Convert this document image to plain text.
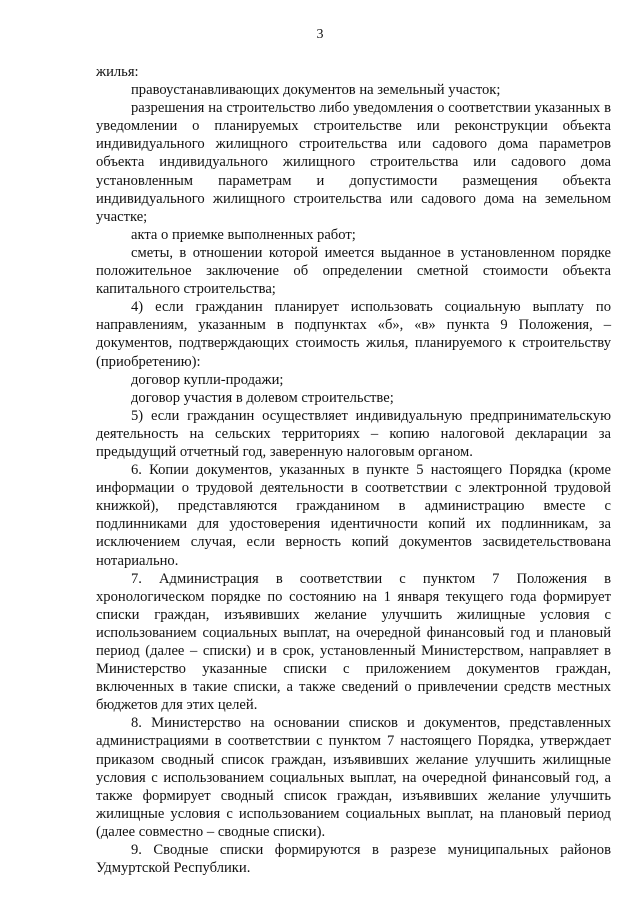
3

жилья:

правоустанавливающих документов на земельный участок;

разрешения на строительство либо уведомления о соответствии указанных в уведомлении о планируемых строительстве или реконструкции объекта индивидуального жилищного строительства или садового дома параметров объекта индивидуального жилищного строительства или садового дома установленным параметрам и допустимости размещения объекта индивидуального жилищного строительства или садового дома на земельном участке;

акта о приемке выполненных работ;

сметы, в отношении которой имеется выданное в установленном порядке положительное заключение об определении сметной стоимости объекта капитального строительства;

4) если гражданин планирует использовать социальную выплату по направлениям, указанным в подпунктах «б», «в» пункта 9 Положения, – документов, подтверждающих стоимость жилья, планируемого к строительству (приобретению):

договор купли-продажи;

договор участия в долевом строительстве;

5) если гражданин осуществляет индивидуальную предпринимательскую деятельность на сельских территориях – копию налоговой декларации за предыдущий отчетный год, заверенную налоговым органом.

6. Копии документов, указанных в пункте 5 настоящего Порядка (кроме информации о трудовой деятельности в соответствии с электронной трудовой книжкой), представляются гражданином в администрацию вместе с подлинниками для удостоверения идентичности копий их подлинникам, за исключением случая, если верность копий документов засвидетельствована нотариально.

7. Администрация в соответствии с пунктом 7 Положения в хронологическом порядке по состоянию на 1 января текущего года формирует списки граждан, изъявивших желание улучшить жилищные условия с использованием социальных выплат, на очередной финансовый год и плановый период (далее – списки) и в срок, установленный Министерством, направляет в Министерство указанные списки с приложением документов граждан, включенных в такие списки, а также сведений о привлечении средств местных бюджетов для этих целей.

8. Министерство на основании списков и документов, представленных администрациями в соответствии с пунктом 7 настоящего Порядка, утверждает приказом сводный список граждан, изъявивших желание улучшить жилищные условия с использованием социальных выплат, на очередной финансовый год, а также формирует сводный список граждан, изъявивших желание улучшить жилищные условия с использованием социальных выплат, на плановый период (далее совместно – сводные списки).

9. Сводные списки формируются в разрезе муниципальных районов Удмуртской Республики.
